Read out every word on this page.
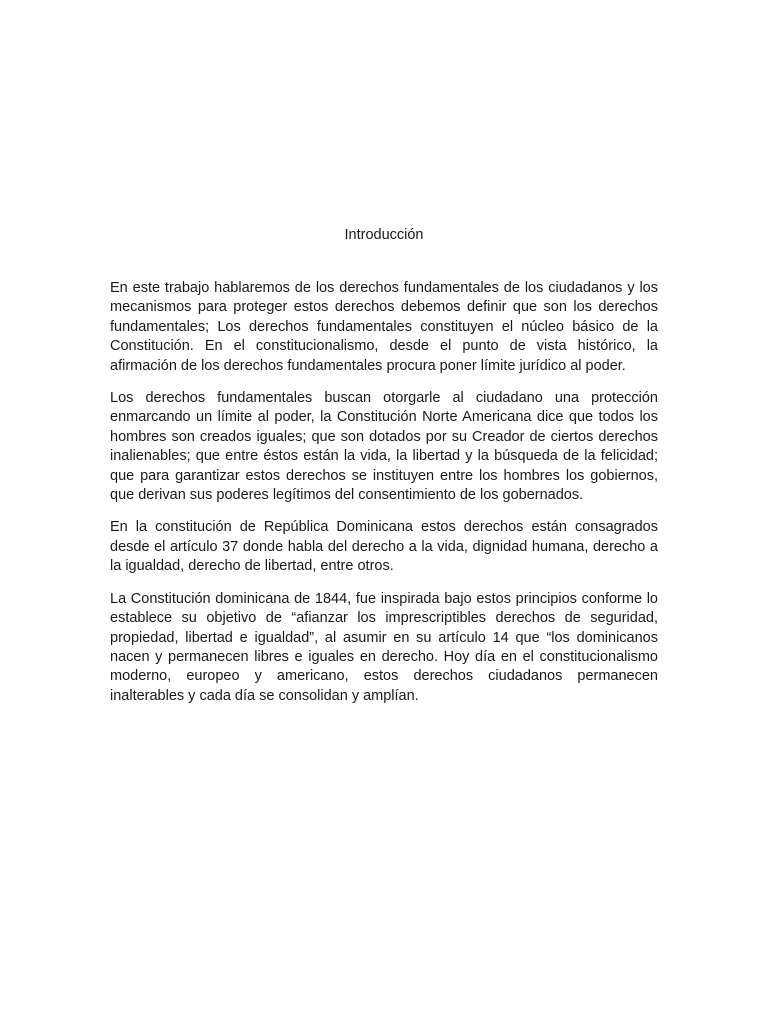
Introducción

En este trabajo hablaremos de los derechos fundamentales de los ciudadanos y los mecanismos para proteger estos derechos debemos definir que son los derechos fundamentales; Los derechos fundamentales constituyen el núcleo básico de la Constitución. En el constitucionalismo, desde el punto de vista histórico, la afirmación de los derechos fundamentales procura poner límite jurídico al poder.

Los derechos fundamentales buscan otorgarle al ciudadano una protección enmarcando un límite al poder, la Constitución Norte Americana dice que todos los hombres son creados iguales; que son dotados por su Creador de ciertos derechos inalienables; que entre éstos están la vida, la libertad y la búsqueda de la felicidad; que para garantizar estos derechos se instituyen entre los hombres los gobiernos, que derivan sus poderes legítimos del consentimiento de los gobernados.

En la constitución de República Dominicana estos derechos están consagrados desde el artículo 37 donde habla del derecho a la vida, dignidad humana, derecho a la igualdad, derecho de libertad, entre otros.

La Constitución dominicana de 1844, fue inspirada bajo estos principios conforme lo establece su objetivo de “afianzar los imprescriptibles derechos de seguridad, propiedad, libertad e igualdad”, al asumir en su artículo 14 que “los dominicanos nacen y permanecen libres e iguales en derecho. Hoy día en el constitucionalismo moderno, europeo y americano, estos derechos ciudadanos permanecen inalterables y cada día se consolidan y amplían.
